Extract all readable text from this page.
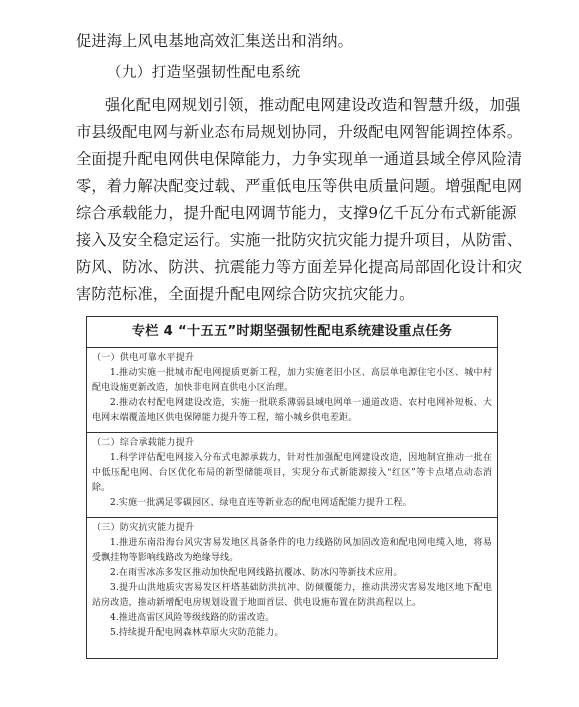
促进海上风电基地高效汇集送出和消纳。
（九）打造坚强韧性配电系统
强化配电网规划引领，推动配电网建设改造和智慧升级，加强
市县级配电网与新业态布局规划协同，升级配电网智能调控体系。
全面提升配电网供电保障能力，力争实现单一通道县域全停风险清
零，着力解决配变过载、严重低电压等供电质量问题。增强配电网
综合承载能力，提升配电网调节能力，支撑9亿千瓦分布式新能源
接入及安全稳定运行。实施一批防灾抗灾能力提升项目，从防雷、
防风、防冰、防洪、抗震能力等方面差异化提高局部固化设计和灾
害防范标准，全面提升配电网综合防灾抗灾能力。
专栏 4 “十五五”时期坚强韧性配电系统建设重点任务
（一）供电可靠水平提升
1.推动实施一批城市配电网提质更新工程，加力实施老旧小区、高层单电源住宅小区、城中村配电设施更新改造，加快非电网直供电小区治理。
2.推动农村配电网建设改造，实施一批联系薄弱县域电网单一通道改造、农村电网补短板、大电网末端覆盖地区供电保障能力提升等工程，缩小城乡供电差距。
（二）综合承载能力提升
1.科学评估配电网接入分布式电源承载力，针对性加强配电网建设改造，因地制宜推动一批在中低压配电网、台区优化布局的新型储能项目，实现分布式新能源接入“红区”等卡点堵点动态消除。
2.实施一批满足零碳园区、绿电直连等新业态的配电网适配能力提升工程。
（三）防灾抗灾能力提升
1.推进东南沿海台风灾害易发地区具备条件的电力线路防风加固改造和配电网电缆入地，将易受飘挂物等影响线路改为绝缘导线。
2.在雨雪冰冻多发区推动加快配电网线路抗覆冰、防冰闪等新技术应用。
3.提升山洪地质灾害易发区杆塔基础防洪抗冲、防倾覆能力，推动洪涝灾害易发地区地下配电站房改造，推动新增配电房规划设置于地面首层、供电设施布置在防洪高程以上。
4.推进高雷区风险等级线路的防雷改造。
5.持续提升配电网森林草原火灾防范能力。
